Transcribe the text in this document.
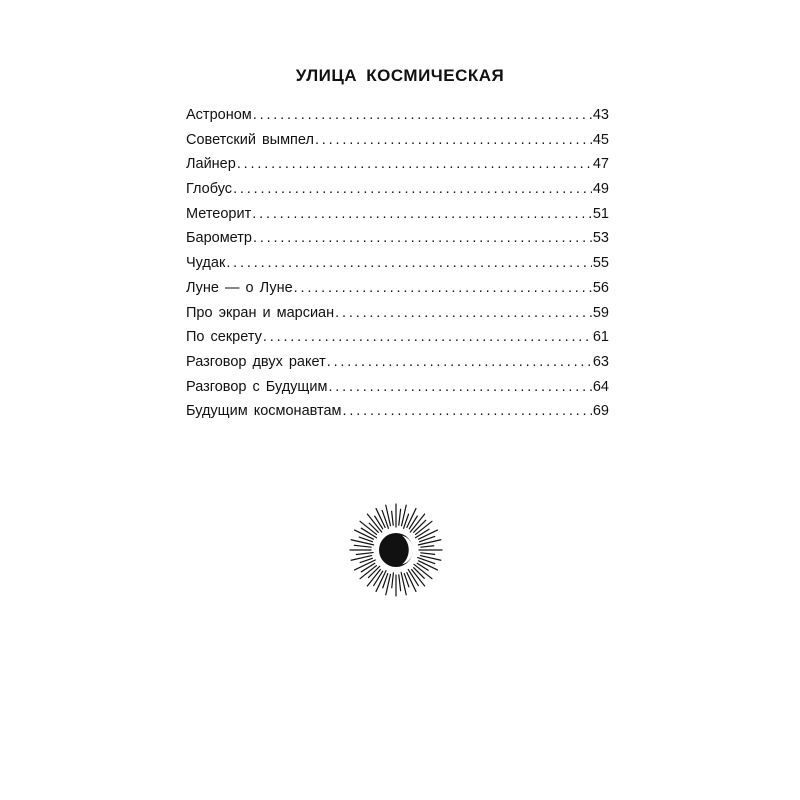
УЛИЦА КОСМИЧЕСКАЯ
Астроном . . .	43
Советский вымпел . . .	45
Лайнер . . .	47
Глобус . . .	49
Метеорит . . .	51
Барометр . . .	53
Чудак . . .	55
Луне — о Луне . . .	56
Про экран и марсиан . . .	59
По секрету . . .	61
Разговор двух ракет . . .	63
Разговор с Будущим . . .	64
Будущим космонавтам . . .	69
